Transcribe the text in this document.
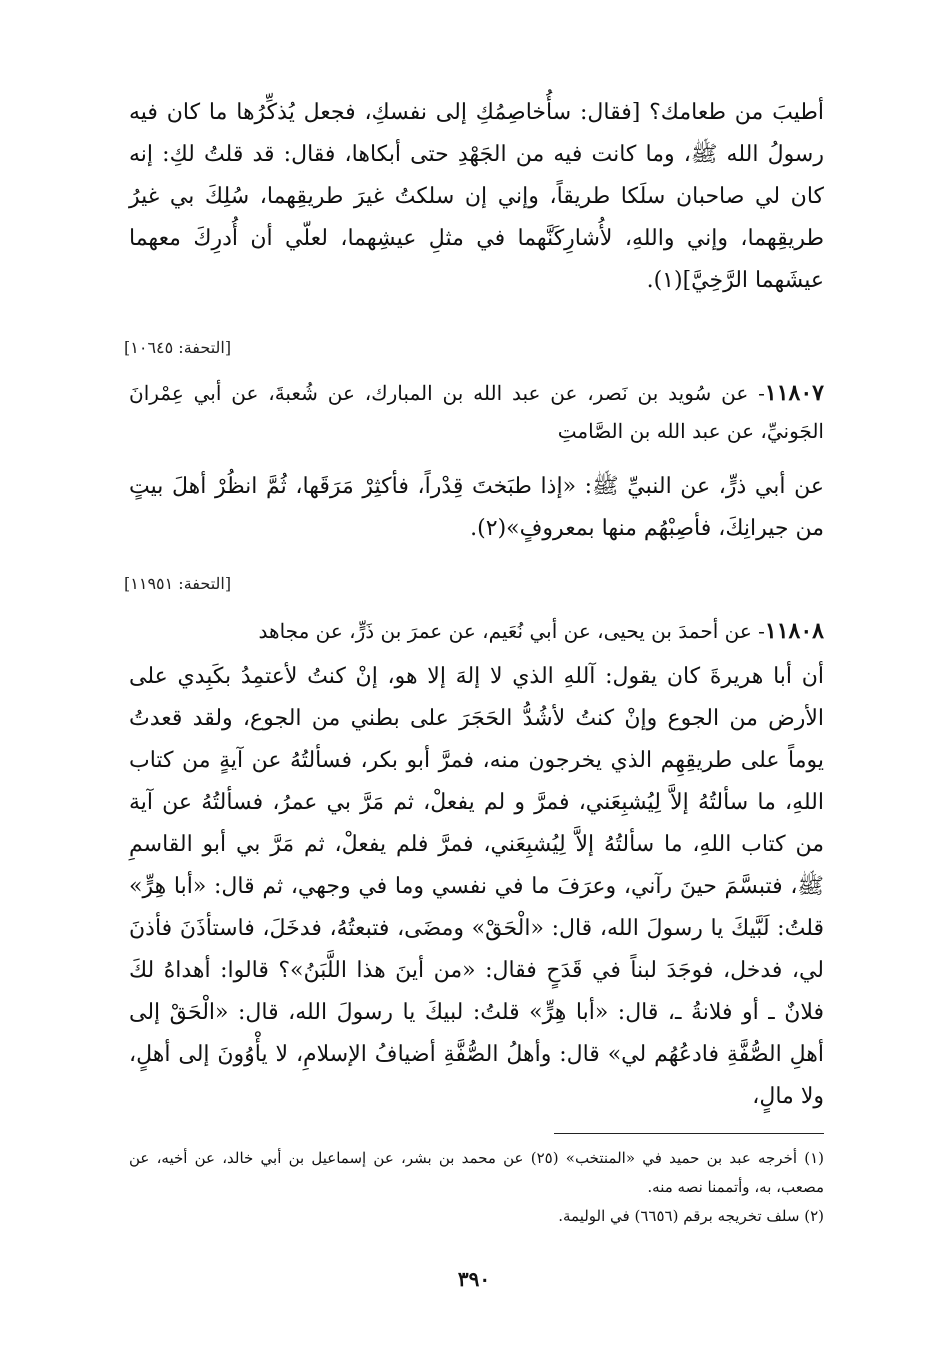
أطيبَ من طعامك؟ [فقال: سأُخاصِمُكِ إلى نفسكِ، فجعل يُذكِّرُها ما كان فيه رسولُ الله ﷺ، وما كانت فيه من الجَهْدِ حتى أبكاها، فقال: قد قلتُ لكِ: إنه كان لي صاحبان سلَكا طريقاً، وإني إن سلكتُ غيرَ طريقِهما، سُلِكَ بي غيرُ طريقِهما، وإني واللهِ، لأُشارِكَنَّهما في مثلِ عيشِهما، لعلّي أن أُدرِكَ معهما عيشَهما الرَّخِيَّ](١).

[التحفة: ١٠٦٤٥]

١١٨٠٧- عن سُويد بن نَصر، عن عبد الله بن المبارك، عن شُعبةَ، عن أبي عِمْرانَ الجَونيِّ، عن عبد الله بن الصَّامتِ

عن أبي ذرٍّ، عن النبيِّ ﷺ: «إذا طبَختَ قِدْراً، فأكثِرْ مَرَقَها، ثُمَّ انظُرْ أهلَ بيتٍ من جيرانِكَ، فأصِبْهُم منها بمعروفٍ»(٢).

[التحفة: ١١٩٥١]

١١٨٠٨- عن أحمدَ بن يحيى، عن أبي نُعَيم، عن عمرَ بن ذَرٍّ، عن مجاهد

أن أبا هريرةَ كان يقول: آللهِ الذي لا إلهَ إلا هو، إنْ كنتُ لأعتمِدُ بكَبِدي على الأرض من الجوع وإنْ كنتُ لأشُدُّ الحَجَرَ على بطني من الجوع، ولقد قعدتُ يوماً على طريقِهِم الذي يخرجون منه، فمرَّ أبو بكر، فسألتُهُ عن آيةٍ من كتاب اللهِ، ما سألتُهُ إلاَّ لِيُشبِعَني، فمرَّ و لم يفعلْ، ثم مَرَّ بي عمرُ، فسألتُهُ عن آية من كتاب اللهِ، ما سألتُهُ إلاَّ لِيُشبِعَني، فمرَّ فلم يفعلْ، ثم مَرَّ بي أبو القاسمِ ﷺ، فتبسَّمَ حينَ رآني، وعرَفَ ما في نفسي وما في وجهي، ثم قال: «أبا هِرٍّ» قلتُ: لَبَّيكَ يا رسولَ الله، قال: «الْحَقْ» ومضَى، فتبعتُهُ، فدخَلَ، فاستأذَنَ فأذنَ لي، فدخل، فوجَدَ لبناً في قَدَحٍ فقال: «من أينَ هذا اللَّبَنُ»؟ قالوا: أهداهُ لكَ فلانٌ ـ أو فلانةُ ـ، قال: «أبا هِرٍّ» قلتُ: لبيكَ يا رسولَ الله، قال: «الْحَقْ إلى أهلِ الصُّفَّةِ فادعُهُم لي» قال: وأهلُ الصُّفَّةِ أضيافُ الإسلامِ، لا يأْوُونَ إلى أهلٍ، ولا مالٍ،

(١) أخرجه عبد بن حميد في «المنتخب» (٢٥) عن محمد بن بشر، عن إسماعيل بن أبي خالد، عن أخيه، عن مصعب، به، وأتممنا نصه منه.

(٢) سلف تخريجه برقم (٦٦٥٦) في الوليمة.

٣٩٠
